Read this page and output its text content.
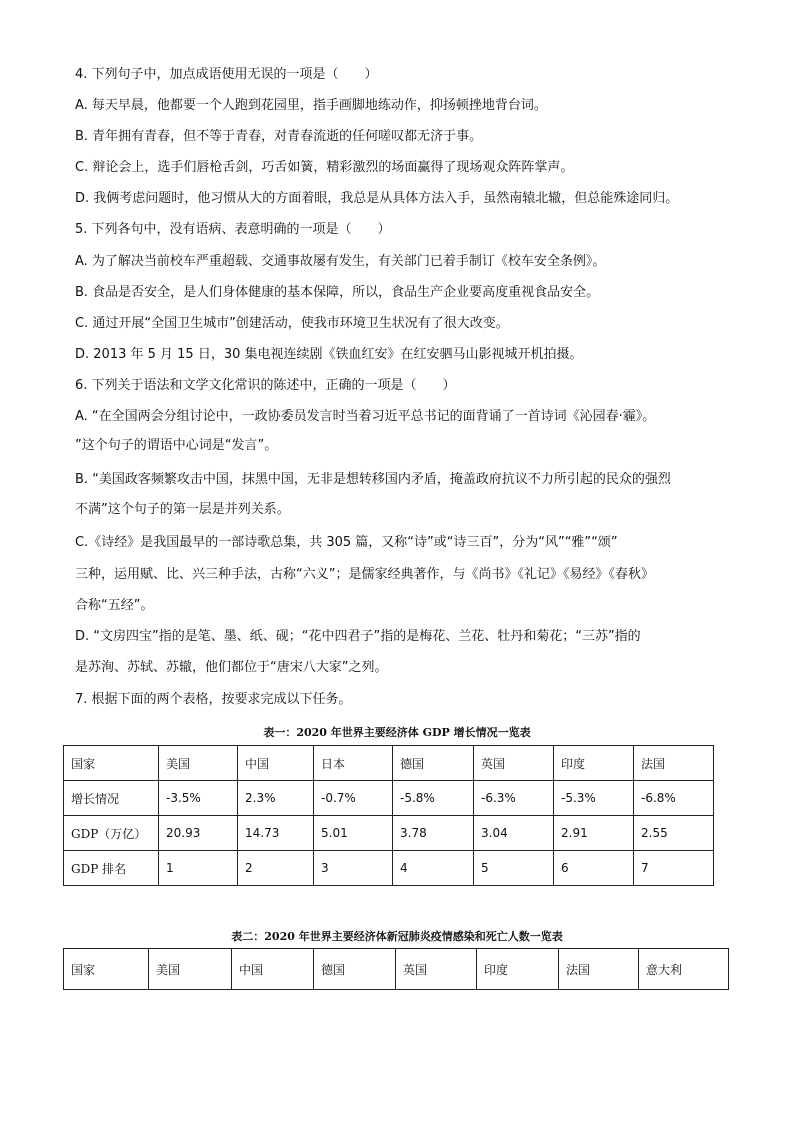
4. 下列句子中，加点成语使用无误的一项是（　　）
A. 每天早晨，他都要一个人跑到花园里，指手画脚地练动作，抑扬顿挫地背台词。
B. 青年拥有青春，但不等于青春，对青春流逝的任何嗟叹都无济于事。
C. 辩论会上，选手们唇枪舌剑，巧舌如簧，精彩激烈的场面赢得了现场观众阵阵掌声。
D. 我俩考虑问题时，他习惯从大的方面着眼，我总是从具体方法入手，虽然南辕北辙，但总能殊途同归。
5. 下列各句中，没有语病、表意明确的一项是（　　）
A. 为了解决当前校车严重超载、交通事故屡有发生，有关部门已着手制订《校车安全条例》。
B. 食品是否安全，是人们身体健康的基本保障，所以，食品生产企业要高度重视食品安全。
C. 通过开展“全国卫生城市”创建活动，使我市环境卫生状况有了很大改变。
D. 2013 年 5 月 15 日，30 集电视连续剧《铁血红安》在红安驷马山影视城开机拍摄。
6. 下列关于语法和文学文化常识的陈述中，正确的一项是（　　）
A. “在全国两会分组讨论中，一政协委员发言时当着习近平总书记的面背诵了一首诗词《沁园春·霾》。
”这个句子的谓语中心词是“发言”。
B. “美国政客频繁攻击中国，抹黑中国，无非是想转移国内矛盾，掩盖政府抗议不力所引起的民众的强烈
不满”这个句子的第一层是并列关系。
C.《诗经》是我国最早的一部诗歌总集，共 305 篇，又称“诗”或“诗三百”，分为“风”“雅”“颂”
三种，运用赋、比、兴三种手法，古称“六义”；是儒家经典著作，与《尚书》《礼记》《易经》《春秋》
合称“五经”。
D. “文房四宝”指的是笔、墨、纸、砚；“花中四君子”指的是梅花、兰花、牡丹和菊花；“三苏”指的
是苏洵、苏轼、苏辙，他们都位于“唐宋八大家”之列。
7. 根据下面的两个表格，按要求完成以下任务。
表一：2020 年世界主要经济体 GDP 增长情况一览表
国家	美国	中国	日本	德国	英国	印度	法国
增长情况	-3.5%	2.3%	-0.7%	-5.8%	-6.3%	-5.3%	-6.8%
GDP（万亿）	20.93	14.73	5.01	3.78	3.04	2.91	2.55
GDP 排名	1	2	3	4	5	6	7
表二：2020 年世界主要经济体新冠肺炎疫情感染和死亡人数一览表
国家	美国	中国	德国	英国	印度	法国	意大利
